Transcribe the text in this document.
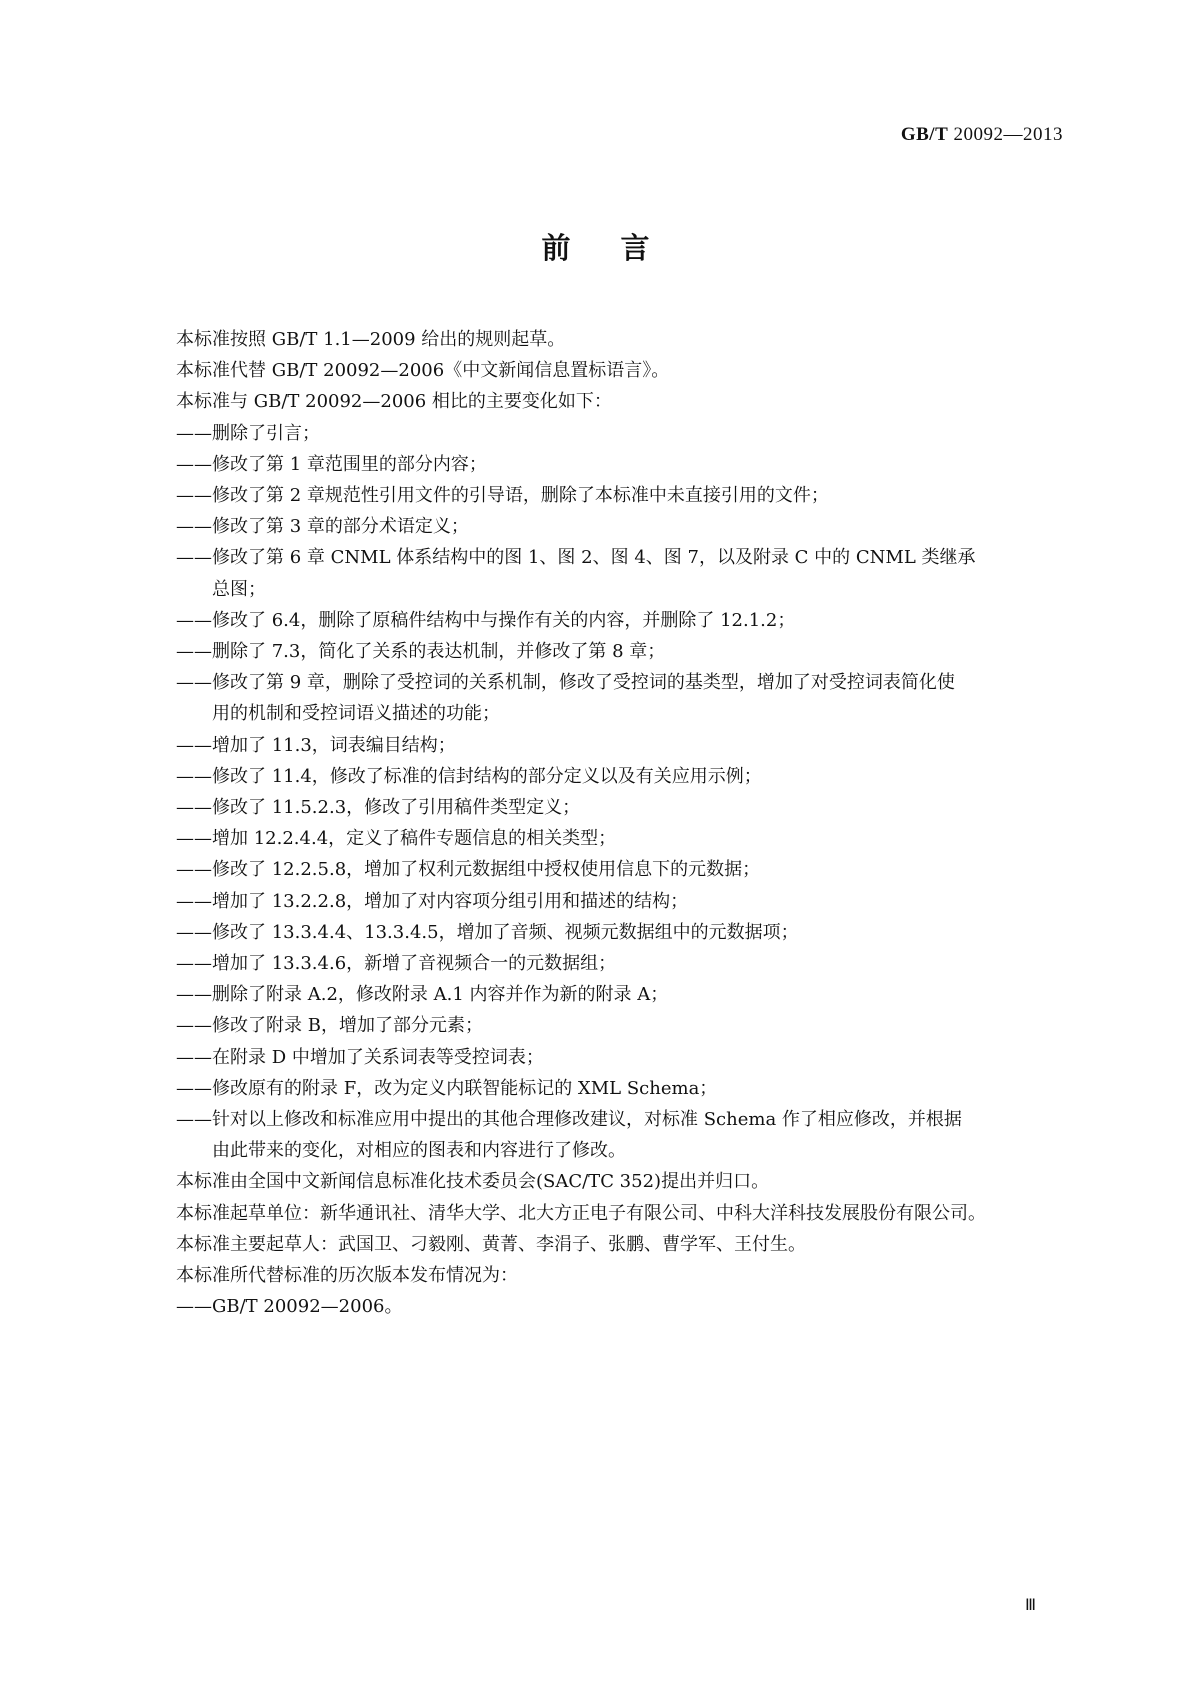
GB/T 20092—2013
前言

本标准按照 GB/T 1.1—2009 给出的规则起草。

本标准代替 GB/T 20092—2006《中文新闻信息置标语言》。

本标准与 GB/T 20092—2006 相比的主要变化如下：

——删除了引言；

——修改了第 1 章范围里的部分内容；

——修改了第 2 章规范性引用文件的引导语，删除了本标准中未直接引用的文件；

——修改了第 3 章的部分术语定义；

——修改了第 6 章 CNML 体系结构中的图 1、图 2、图 4、图 7，以及附录 C 中的 CNML 类继承
总图；

——修改了 6.4，删除了原稿件结构中与操作有关的内容，并删除了 12.1.2；

——删除了 7.3，简化了关系的表达机制，并修改了第 8 章；

——修改了第 9 章，删除了受控词的关系机制，修改了受控词的基类型，增加了对受控词表简化使
用的机制和受控词语义描述的功能；

——增加了 11.3，词表编目结构；

——修改了 11.4，修改了标准的信封结构的部分定义以及有关应用示例；

——修改了 11.5.2.3，修改了引用稿件类型定义；

——增加 12.2.4.4，定义了稿件专题信息的相关类型；

——修改了 12.2.5.8，增加了权利元数据组中授权使用信息下的元数据；

——增加了 13.2.2.8，增加了对内容项分组引用和描述的结构；

——修改了 13.3.4.4、13.3.4.5，增加了音频、视频元数据组中的元数据项；

——增加了 13.3.4.6，新增了音视频合一的元数据组；

——删除了附录 A.2，修改附录 A.1 内容并作为新的附录 A；

——修改了附录 B，增加了部分元素；

——在附录 D 中增加了关系词表等受控词表；

——修改原有的附录 F，改为定义内联智能标记的 XML Schema；

——针对以上修改和标准应用中提出的其他合理修改建议，对标准 Schema 作了相应修改，并根据
由此带来的变化，对相应的图表和内容进行了修改。

本标准由全国中文新闻信息标准化技术委员会(SAC/TC 352)提出并归口。

本标准起草单位：新华通讯社、清华大学、北大方正电子有限公司、中科大洋科技发展股份有限公司。

本标准主要起草人：武国卫、刁毅刚、黄菁、李涓子、张鹏、曹学军、王付生。

本标准所代替标准的历次版本发布情况为：

——GB/T 20092—2006。

Ⅲ
